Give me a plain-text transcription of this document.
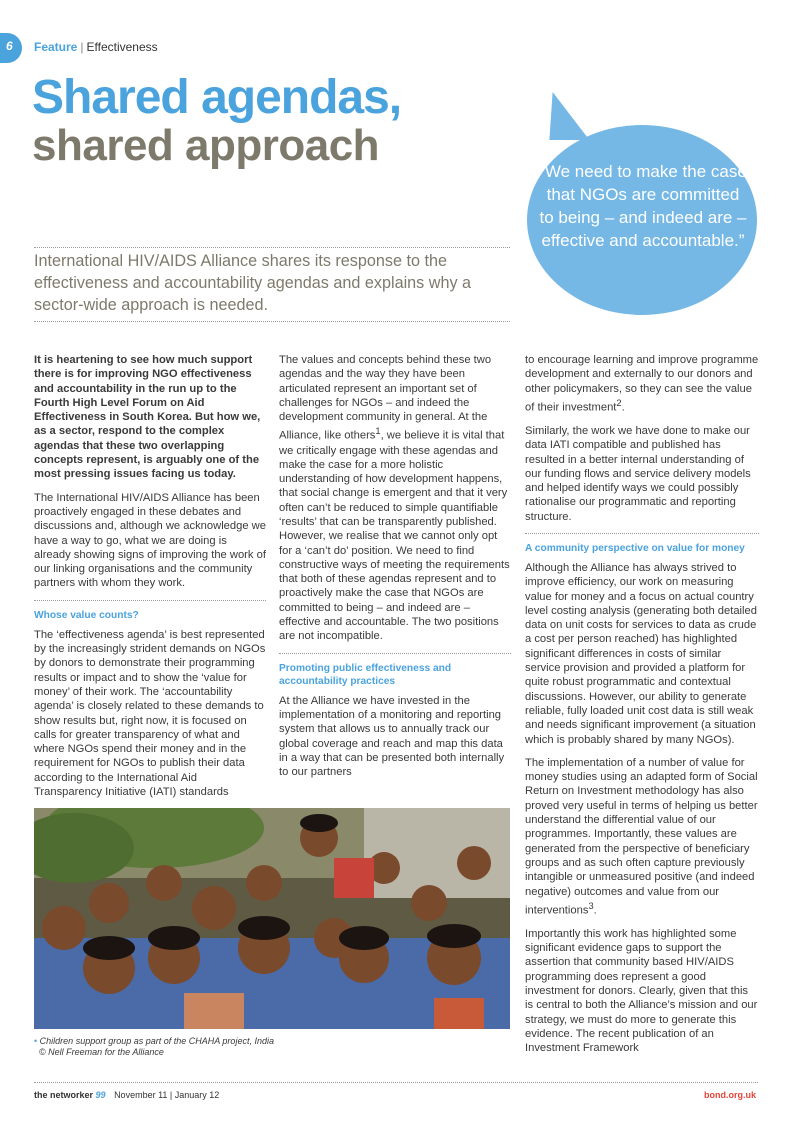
6 Feature | Effectiveness
Shared agendas,
shared approach
“We need to make the case that NGOs are committed to being – and indeed are – effective and accountable.”

International HIV/AIDS Alliance shares its response to the effectiveness and accountability agendas and explains why a sector-wide approach is needed.

It is heartening to see how much support there is for improving NGO effectiveness and accountability in the run up to the Fourth High Level Forum on Aid Effectiveness in South Korea. But how we, as a sector, respond to the complex agendas that these two overlapping concepts represent, is arguably one of the most pressing issues facing us today.

The International HIV/AIDS Alliance has been proactively engaged in these debates and discussions and, although we acknowledge we have a way to go, what we are doing is already showing signs of improving the work of our linking organisations and the community partners with whom they work.

Whose value counts?

The ‘effectiveness agenda’ is best represented by the increasingly strident demands on NGOs by donors to demonstrate their programming results or impact and to show the ‘value for money’ of their work. The ‘accountability agenda’ is closely related to these demands to show results but, right now, it is focused on calls for greater transparency of what and where NGOs spend their money and in the requirement for NGOs to publish their data according to the International Aid Transparency Initiative (IATI) standards

The values and concepts behind these two agendas and the way they have been articulated represent an important set of challenges for NGOs – and indeed the development community in general. At the Alliance, like others$^1$, we believe it is vital that we critically engage with these agendas and make the case for a more holistic understanding of how development happens, that social change is emergent and that it very often can’t be reduced to simple quantifiable ‘results’ that can be transparently published. However, we realise that we cannot only opt for a ‘can’t do’ position. We need to find constructive ways of meeting the requirements that both of these agendas represent and to proactively make the case that NGOs are committed to being – and indeed are – effective and accountable. The two positions are not incompatible.

Promoting public effectiveness and accountability practices

At the Alliance we have invested in the implementation of a monitoring and reporting system that allows us to annually track our global coverage and reach and map this data in a way that can be presented both internally to our partners

to encourage learning and improve programme development and externally to our donors and other policymakers, so they can see the value of their investment$^2$.

Similarly, the work we have done to make our data IATI compatible and published has resulted in a better internal understanding of our funding flows and service delivery models and helped identify ways we could possibly rationalise our programmatic and reporting structure.

A community perspective on value for money

Although the Alliance has always strived to improve efficiency, our work on measuring value for money and a focus on actual country level costing analysis (generating both detailed data on unit costs for services to data as crude a cost per person reached) has highlighted significant differences in costs of similar service provision and provided a platform for quite robust programmatic and contextual discussions. However, our ability to generate reliable, fully loaded unit cost data is still weak and needs significant improvement (a situation which is probably shared by many NGOs).

The implementation of a number of value for money studies using an adapted form of Social Return on Investment methodology has also proved very useful in terms of helping us better understand the differential value of our programmes. Importantly, these values are generated from the perspective of beneficiary groups and as such often capture previously intangible or unmeasured positive (and indeed negative) outcomes and value from our interventions$^3$.

Importantly this work has highlighted some significant evidence gaps to support the assertion that community based HIV/AIDS programming does represent a good investment for donors. Clearly, given that this is central to both the Alliance’s mission and our strategy, we must do more to generate this evidence. The recent publication of an Investment Framework

• Children support group as part of the CHAHA project, India
© Nell Freeman for the Alliance

the networker 99 November 11 | January 12	bond.org.uk
